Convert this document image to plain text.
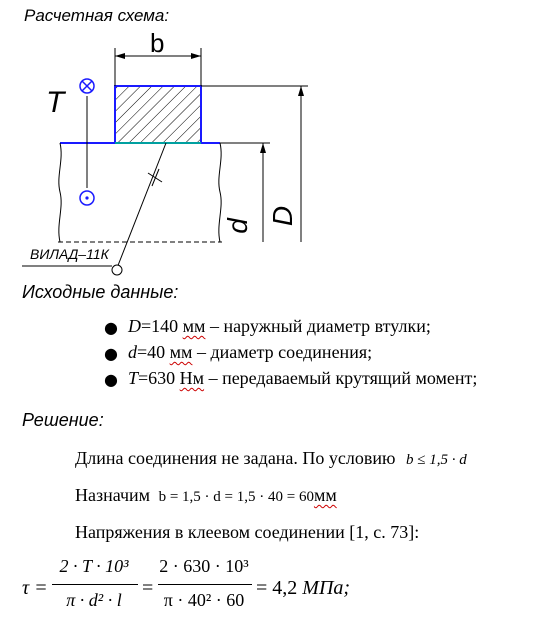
Расчетная схема:
b
T
d D
ВИЛАД–11К
Исходные данные:
● D=140 мм – наружный диаметр втулки;
● d=40 мм – диаметр соединения;
● T=630 Нм – передаваемый крутящий момент;
Решение:
Длина соединения не задана. По условию b ≤ 1,5 · d
Назначим b = 1,5 · d = 1,5 · 40 = 60мм
Напряжения в клеевом соединении [1, с. 73]:
τ =
2 · T · 10³
π · d² · l
=
2 · 630 · 10³
π · 40² · 60
= 4,2 МПа;
